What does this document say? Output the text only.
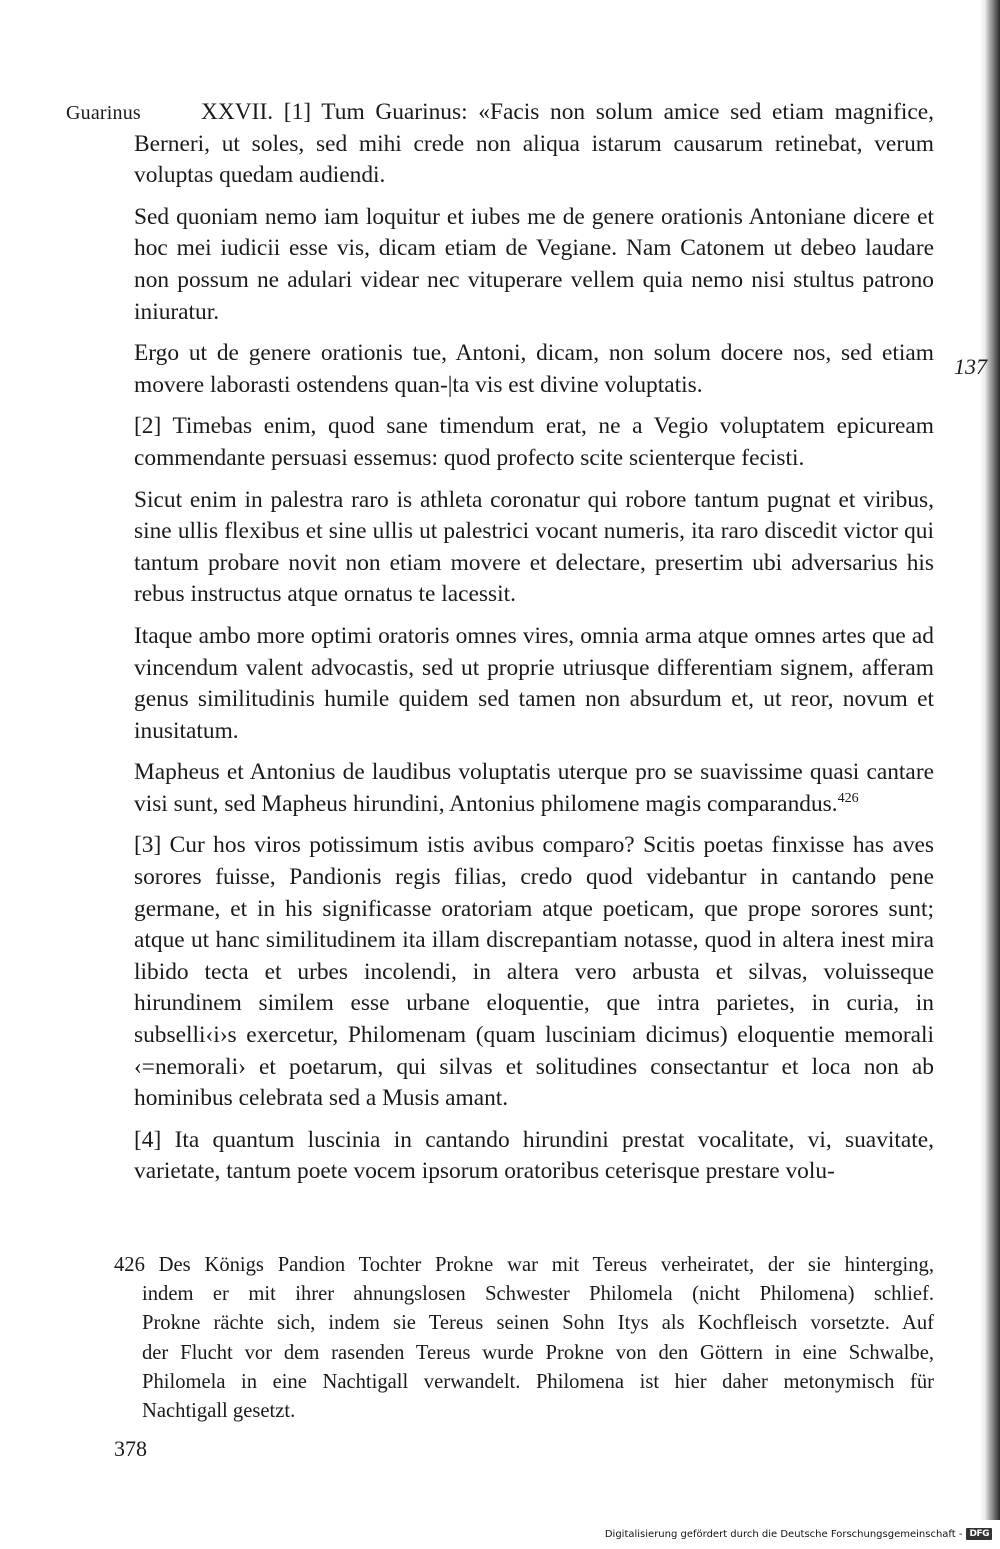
Guarinus	XXVII. [1] Tum Guarinus: «Facis non solum amice sed etiam magnifice, Berneri, ut soles, sed mihi crede non aliqua istarum causarum retinebat, verum voluptas quedam audiendi.

Sed quoniam nemo iam loquitur et iubes me de genere orationis Antoniane dicere et hoc mei iudicii esse vis, dicam etiam de Vegiane. Nam Catonem ut debeo laudare non possum ne adulari videar nec vituperare vellem quia nemo nisi stultus patrono iniuratur.

Ergo ut de genere orationis tue, Antoni, dicam, non solum docere nos, sed etiam movere laborasti ostendens quan-|ta vis est divine voluptatis.

[2] Timebas enim, quod sane timendum erat, ne a Vegio voluptatem epicuream commendante persuasi essemus: quod profecto scite scienterque fecisti.

Sicut enim in palestra raro is athleta coronatur qui robore tantum pugnat et viribus, sine ullis flexibus et sine ullis ut palestrici vocant numeris, ita raro discedit victor qui tantum probare novit non etiam movere et delectare, presertim ubi adversarius his rebus instructus atque ornatus te lacessit.

Itaque ambo more optimi oratoris omnes vires, omnia arma atque omnes artes que ad vincendum valent advocastis, sed ut proprie utriusque differentiam signem, afferam genus similitudinis humile quidem sed tamen non absurdum et, ut reor, novum et inusitatum.

Mapheus et Antonius de laudibus voluptatis uterque pro se suavissime quasi cantare visi sunt, sed Mapheus hirundini, Antonius philomene magis comparandus.$^{426}$

[3] Cur hos viros potissimum istis avibus comparo? Scitis poetas finxisse has aves sorores fuisse, Pandionis regis filias, credo quod videbantur in cantando pene germane, et in his significasse oratoriam atque poeticam, que prope sorores sunt; atque ut hanc similitudinem ita illam discrepantiam notasse, quod in altera inest mira libido tecta et urbes incolendi, in altera vero arbusta et silvas, voluisseque hirundinem similem esse urbane eloquentie, que intra parietes, in curia, in subselli‹i›s exercetur, Philomenam (quam lusciniam dicimus) eloquentie memorali ‹=nemorali› et poetarum, qui silvas et solitudines consectantur et loca non ab hominibus celebrata sed a Musis amant.

[4] Ita quantum luscinia in cantando hirundini prestat vocalitate, vi, suavitate, varietate, tantum poete vocem ipsorum oratoribus ceterisque prestare volu-

137
426 Des Königs Pandion Tochter Prokne war mit Tereus verheiratet, der sie hinterging,
indem er mit ihrer ahnungslosen Schwester Philomela (nicht Philomena) schlief.
Prokne rächte sich, indem sie Tereus seinen Sohn Itys als Kochfleisch vorsetzte. Auf
der Flucht vor dem rasenden Tereus wurde Prokne von den Göttern in eine Schwalbe,
Philomela in eine Nachtigall verwandelt. Philomena ist hier daher metonymisch für
Nachtigall gesetzt.
378
Digitalisierung gefördert durch die Deutsche Forschungsgemeinschaft - DFG
